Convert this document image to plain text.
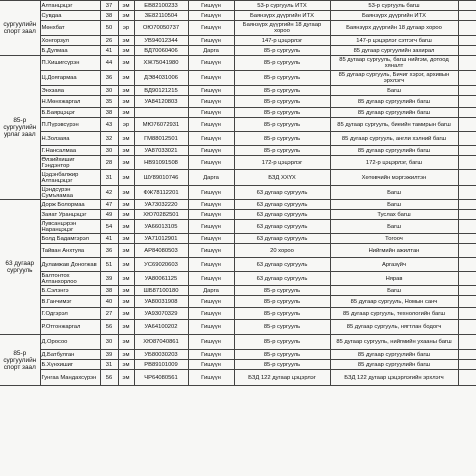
сургуулийн спорт заал	Алтанцэцэг	37	эм	ЕВ82100233	Гишүүн	53-р сургууль ИТХ	53-р сургууль багш	
	Сувдаа	38	эм	ЗЕ82110504	Гишүүн	Баянзүрх дүүргийн ИТХ	Баянзүрх дүүргийн ИТХ	
	Мөнхбат	50	эр	ОЮ70050737	Гишүүн	Баянзүрх дүүргийн 18 дугаар хороо	Баянзүрх дүүргийн 18 дугаар хороо	
	Хонгорзул	26	эм	УВ94012344	Гишүүн	147-р цэцэрлэг	147-р цэцэрлэг сэтгэгч багш	
	Б.Дулмаа	41	эм	ВД70060406	Дарга	85-р сургууль	85 дугаар сургуулийн захирал	
85-р сургуулийн урлаг заал	П.Хишигсүрэн	44	эм	ХЖ75041980	Гишүүн	85-р сургууль	85 дугаар сургууль, багш нийгэм, дотоод хяналт	
	Ц.Доягармаа	36	эм	ДЭ84031006	Гишүүн	85-р сургууль	85 дугаар сургууль, Бичиг хэрэг, архивын эрхлэгч	
	Энхзаяа	30	эм	ВД90121215	Гишүүн	85-р сургууль	Багш	
	Н.Мөнхжаргал	35	эм	УА84120803	Гишүүн	85-р сургууль	85 дугаар сургуулийн багш	
	Б.Баярцэцэг	38	эм		Гишүүн	85-р сургууль	85 дугаар сургуулийн багш	
	П.Пүрэвсүрэн	43	эр	МЮ76072931	Гишүүн	85-р сургууль	85 дугаар сургууль, биеийн тамирын багш	
	Н.Золзаяа	32	эм	ГМ88012501	Гишүүн	85-р сургууль	85 дугаар сургууль, англи хэлний багш	
	Г.Нансалмаа	30	эм	УА87033021	Гишүүн	85-р сургууль	85 дугаар сургуулийн багш	
	Өлзийхишиг Гэндэнтор	28	эм	НВ91091508	Гишүүн	172-р цэцэрлэг	172-р цэцэрлэг, багш	
	Цэдэнбалжир Алтанцэцэг	31	эм	ШУ89010746	Дарга	БЗД ХХҮХ	Хөтөвчийн мэргэжилтэн	
	Цэндсүрэн Сумъяамаа	42	эм	ФЖ78112201	Гишүүн	63 дугаар сургууль	Багш	
63 дугаар сургууль	Дорж Болормаа	47	эм	УА73032220	Гишүүн	63 дугаар сургууль	Багш	
	Заяат Уранцэцэг	49	эм	ХЮ70282501	Гишүүн	63 дугаар сургууль	Туслах багш	
	Лувсанцэрэн Наранцэцэг	54	эм	УА66013105	Гишүүн	63 дугаар сургууль	Багш	
	Болд Бадамгэрэл	41	эм	УА71012901	Гишүүн	63 дугаар сургууль	Тогооч	
	Тайван Анхтуяа	36	эм	АР84080503	Гишүүн	20 хороо	Нийгмийн ажилтан	
	Дуламжав Доногжав	51	эм	УС69020603	Гишүүн	63 дугаар сургууль	Аргазүйч	
	Балтонтох Алтанхорлоо	39	эм	УА80061125	Гишүүн	63 дугаар сургууль	Нярав	
	Б.Сэлэнгэ	38	эм	ШБ87100180	Дарга	85-р сургууль	Багш	
	В.Ганчимэг	40	эм	УА80031908	Гишүүн	85-р сургууль	85 дугаар сургууль, Номын санч	
	Г.Одгэрэл	27	эм	УА93070329	Гишүүн	85-р сургууль	85 дугаар сургууль, технологийн багш	
	Р.Отгонжаргал	56	эм	УА64100202	Гишүүн	85-р сургууль	85 дугаар сургууль, нягтлан бодогч	
85-р сургуулийн спорт заал	Д.Оросоо	30	эм	ХЮ87040861	Гишүүн	85-р сургууль	85 дугаар сургууль, нийгмийн ухааны багш	
	Д.Батбулган	39	эм	УБ80030203	Гишүүн	85-р сургууль	85 дугаар сургуулийн багш	
	Б.Хүнхишиг	31	эм	РВ89101009	Гишүүн	85-р сургууль	85 дугаар сургуулийн багш	
	Гунгаа Мандахсүрэн	56	эм	ЧР64080561	Гишүүн	БЗД 122 дугаар цэцэрлэг	БЗД 122 дугаар цэцэрлэгийн эрхлэгч	
